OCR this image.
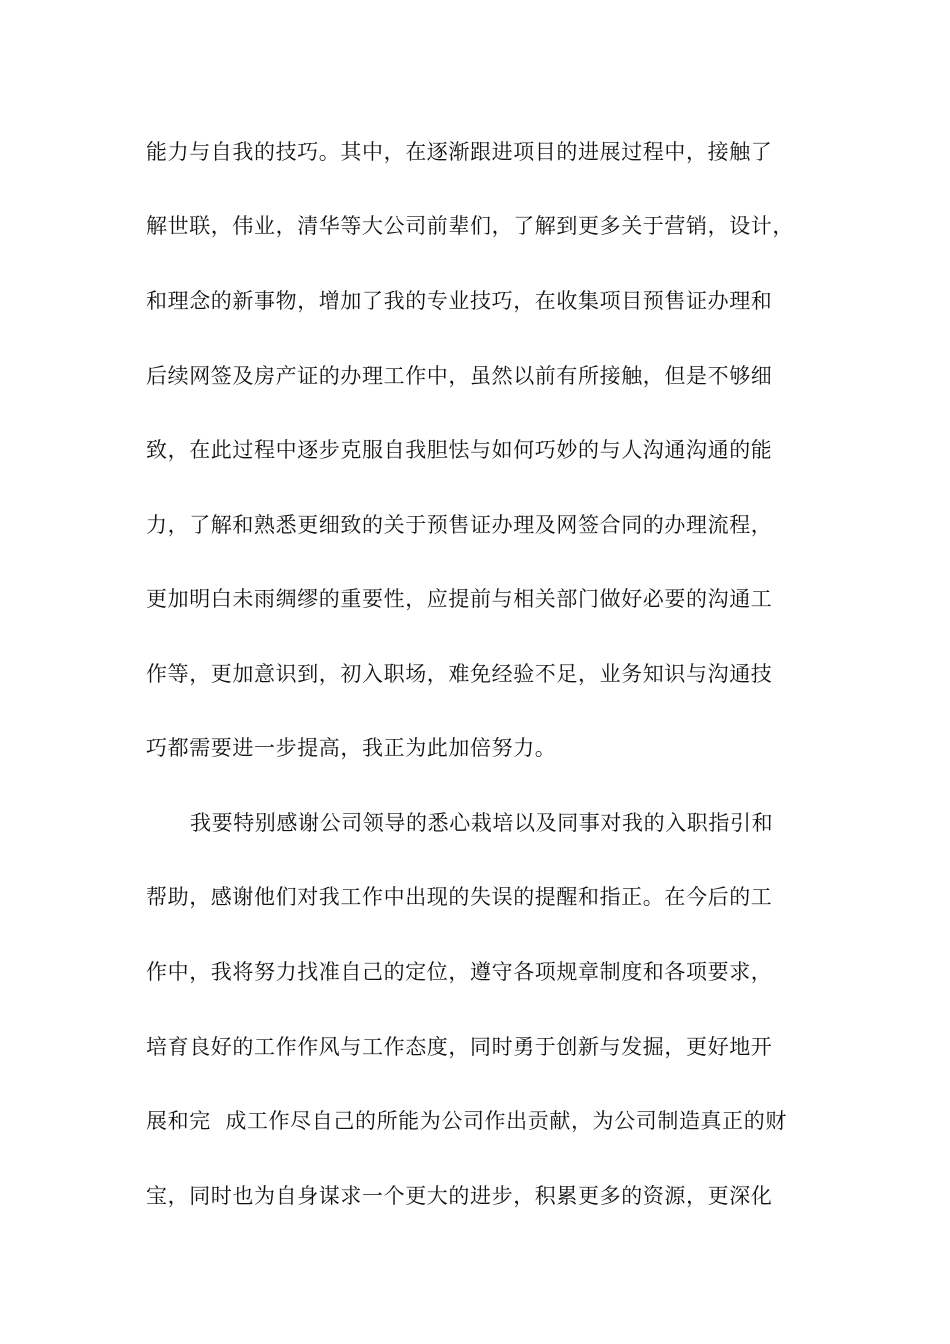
能力与自我的技巧。其中，在逐渐跟进项目的进展过程中，接触了
解世联，伟业，清华等大公司前辈们，了解到更多关于营销，设计，
和理念的新事物，增加了我的专业技巧，在收集项目预售证办理和
后续网签及房产证的办理工作中，虽然以前有所接触，但是不够细
致，在此过程中逐步克服自我胆怯与如何巧妙的与人沟通沟通的能
力，了解和熟悉更细致的关于预售证办理及网签合同的办理流程，
更加明白未雨绸缪的重要性，应提前与相关部门做好必要的沟通工
作等，更加意识到，初入职场，难免经验不足，业务知识与沟通技
巧都需要进一步提高，我正为此加倍努力。
我要特别感谢公司领导的悉心栽培以及同事对我的入职指引和
帮助，感谢他们对我工作中出现的失误的提醒和指正。在今后的工
作中，我将努力找准自己的定位，遵守各项规章制度和各项要求，
培育良好的工作作风与工作态度，同时勇于创新与发掘，更好地开
展和完  成工作尽自己的所能为公司作出贡献，为公司制造真正的财
宝，同时也为自身谋求一个更大的进步，积累更多的资源，更深化
